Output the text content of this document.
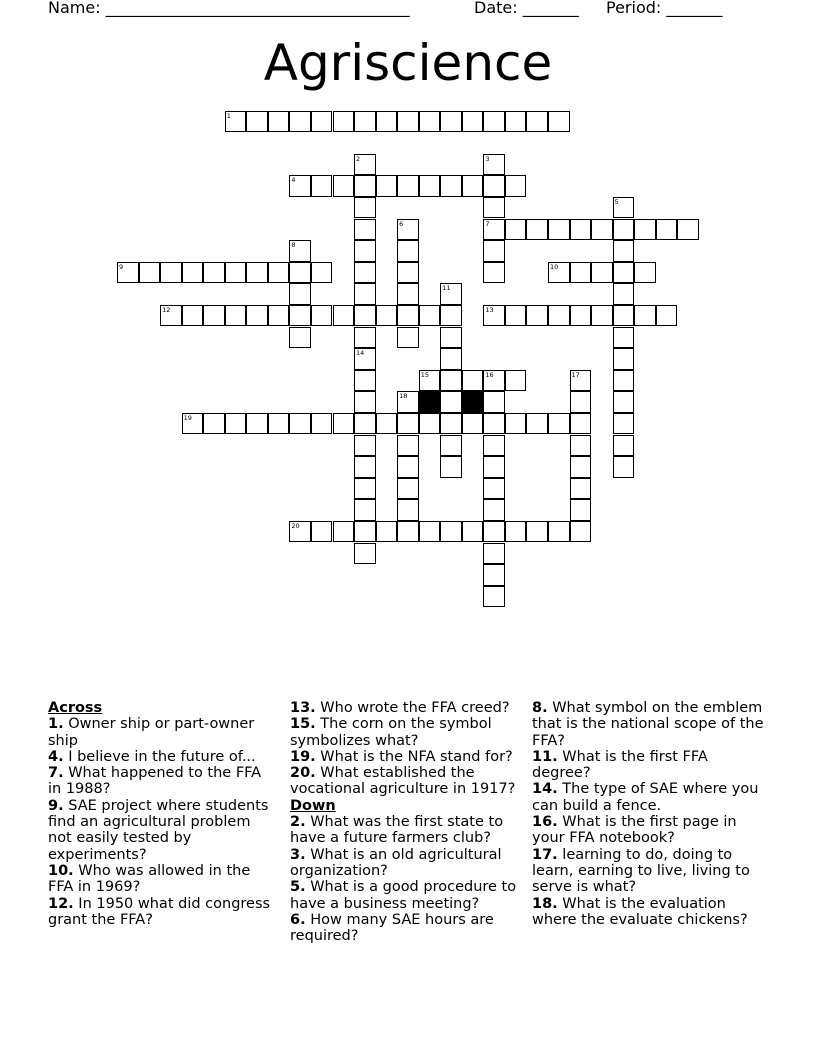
Name: ______________________________________	Date: _______ Period: _______
Agriscience
1
2
14
3
7
4
5
6
8
9	10
11
12	13
15	16	17
18
19
20

Across

1. Owner ship or part-owner ship

4. I believe in the future of...

7. What happened to the FFA in 1988?

9. SAE project where students find an agricultural problem not easily tested by experiments?

10. Who was allowed in the FFA in 1969?

12. In 1950 what did congress grant the FFA?

13. Who wrote the FFA creed?

15. The corn on the symbol symbolizes what?

19. What is the NFA stand for?

20. What established the vocational agriculture in 1917?

Down

2. What was the first state to have a future farmers club?

3. What is an old agricultural organization?

5. What is a good procedure to have a business meeting?

6. How many SAE hours are required?

8. What symbol on the emblem that is the national scope of the FFA?

11. What is the first FFA degree?

14. The type of SAE where you can build a fence.

16. What is the first page in your FFA notebook?

17. learning to do, doing to learn, earning to live, living to serve is what?

18. What is the evaluation where the evaluate chickens?
